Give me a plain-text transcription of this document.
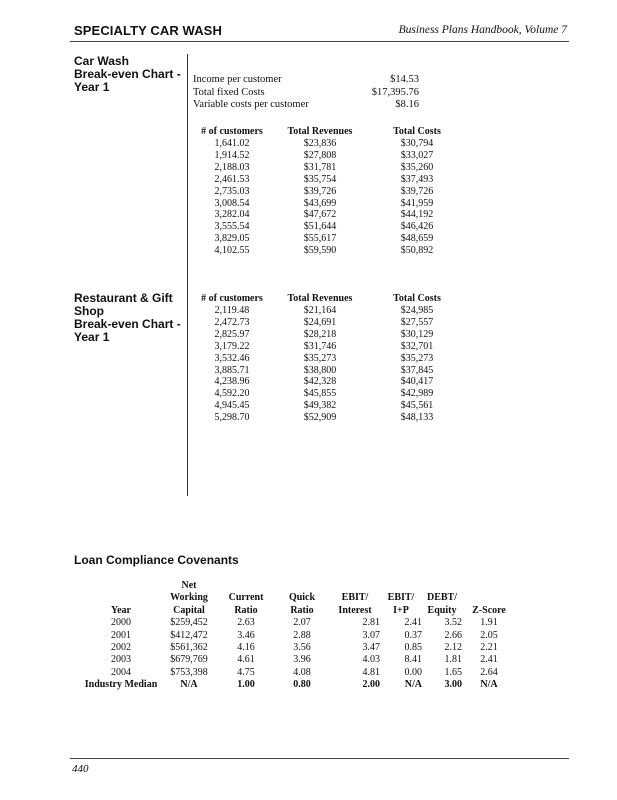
SPECIALTY CAR WASH	Business Plans Handbook, Volume 7
Car Wash
Break-even Chart -
Year 1
Income per customer	$14.53
Total fixed Costs	$17,395.76
Variable costs per customer	$8.16
# of customers	Total Revenues	Total Costs
1,641.02	$23,836	$30,794
1,914.52	$27,808	$33,027
2,188.03	$31,781	$35,260
2,461.53	$35,754	$37,493
2,735.03	$39,726	$39,726
3,008.54	$43,699	$41,959
3,282.04	$47,672	$44,192
3,555.54	$51,644	$46,426
3,829.05	$55,617	$48,659
4,102.55	$59,590	$50,892
Restaurant & Gift
Shop
Break-even Chart -
Year 1
# of customers	Total Revenues	Total Costs
2,119.48	$21,164	$24,985
2,472.73	$24,691	$27,557
2,825.97	$28,218	$30,129
3,179.22	$31,746	$32,701
3,532.46	$35,273	$35,273
3,885.71	$38,800	$37,845
4,238.96	$42,328	$40,417
4,592.20	$45,855	$42,989
4,945.45	$49,382	$45,561
5,298.70	$52,909	$48,133
Loan Compliance Covenants
	Net						
	Working	Current	Quick	EBIT/	EBIT/	DEBT/	
Year	Capital	Ratio	Ratio	Interest	I+P	Equity	Z-Score
2000	$259,452	2.63	2.07	2.81	2.41	3.52	1.91
2001	$412,472	3.46	2.88	3.07	0.37	2.66	2.05
2002	$561,362	4.16	3.56	3.47	0.85	2.12	2.21
2003	$679,769	4.61	3.96	4.03	8.41	1.81	2.41
2004	$753,398	4.75	4.08	4.81	0.00	1.65	2.64
Industry Median	N/A	1.00	0.80	2.00	N/A	3.00	N/A
440
